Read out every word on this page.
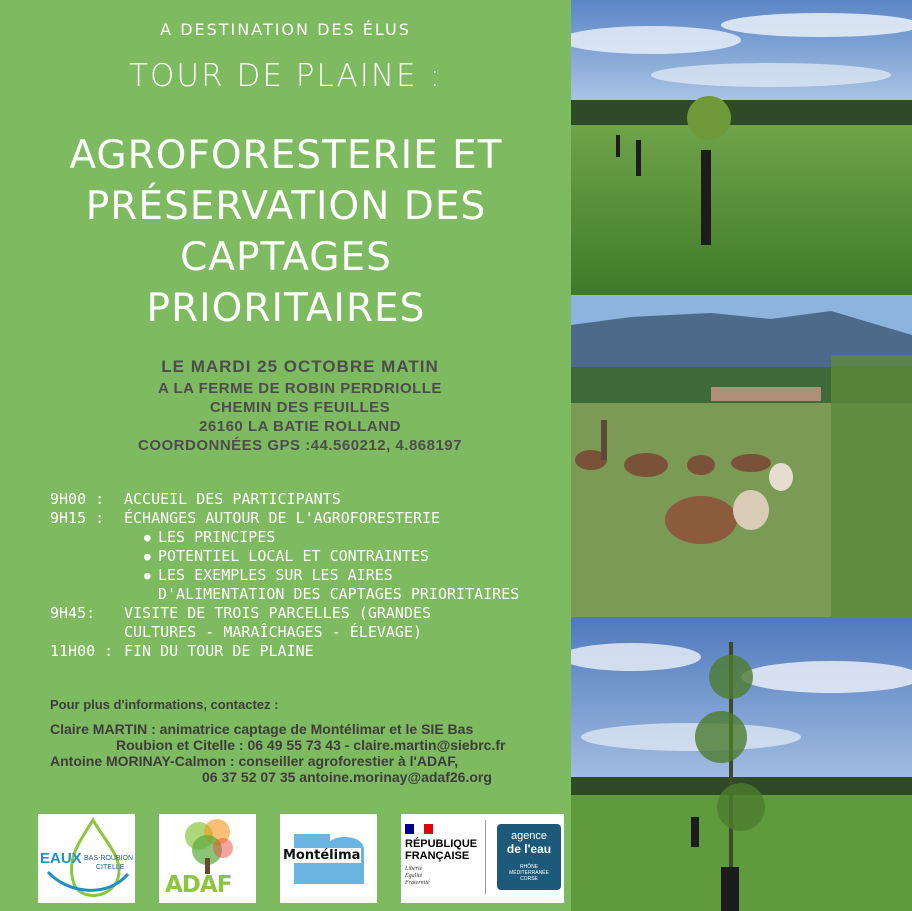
A DESTINATION DES ÉLUS
TOUR DE PLAINE :
AGROFORESTERIE ET
PRÉSERVATION DES
CAPTAGES
PRIORITAIRES
LE MARDI 25 OCTOBRE MATIN
A LA FERME DE ROBIN PERDRIOLLE
CHEMIN DES FEUILLES
26160 LA BATIE ROLLAND
COORDONNÉES GPS :44.560212, 4.868197
9H00 :	ACCUEIL DES PARTICIPANTS
9H15 :	ÉCHANGES AUTOUR DE L'AGROFORESTERIE
● LES PRINCIPES
● POTENTIEL LOCAL ET CONTRAINTES
● LES EXEMPLES SUR LES AIRES
D'ALIMENTATION DES CAPTAGES PRIORITAIRES
9H45:	VISITE DE TROIS PARCELLES (GRANDES
CULTURES - MARAÎCHAGES - ÉLEVAGE)
11H00 : FIN DU TOUR DE PLAINE
Pour plus d'informations, contactez :
Claire MARTIN : animatrice captage de Montélimar et le SIE Bas
Roubion et Citelle : 06 49 55 73 43 - claire.martin@siebrc.fr
Antoine MORINAY-Calmon : conseiller agroforestier à l'ADAF,
06 37 52 07 35 antoine.morinay@adaf26.org
EAUX BAS-ROUBION
CITELLE
ADAF
Montélima
RÉPUBLIQUE
FRANÇAISE
Liberté
Égalité
Fraternité
agence
de l'eau
RHÔNE
MÉDITERRANÉE
CORSE
